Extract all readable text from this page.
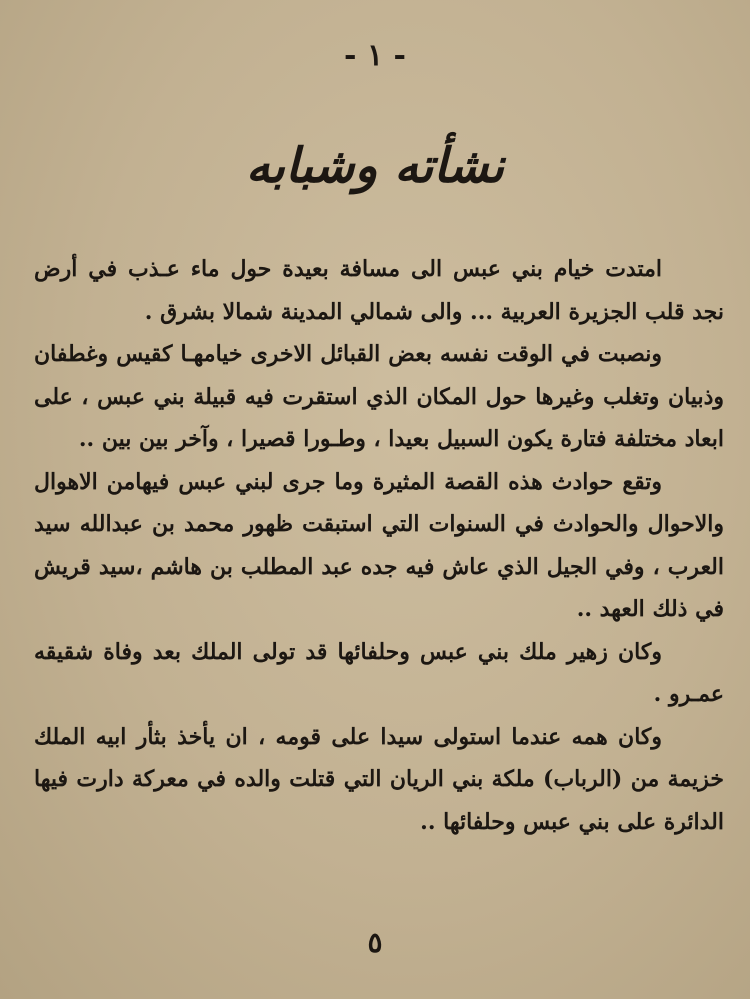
- ١ -
نشأته وشبابه

امتدت خيام بني عبس الى مسافة بعيدة حول ماء عـذب في أرض نجد قلب الجزيرة العربية ... والى شمالي المدينة شمالا بشرق .

ونصبت في الوقت نفسه بعض القبائل الاخرى خيامهـا كقيس وغطفان وذبيان وتغلب وغيرها حول المكان الذي استقرت فيه قبيلة بني عبس ، على ابعاد مختلفة فتارة يكون السبيل بعيدا ، وطـورا قصيرا ، وآخر بين بين ..

وتقع حوادث هذه القصة المثيرة وما جرى لبني عبس فيهامن الاهوال والاحوال والحوادث في السنوات التي استبقت ظهور محمد بن عبدالله سيد العرب ، وفي الجيل الذي عاش فيه جده عبد المطلب بن هاشم ،سيد قريش في ذلك العهد ..

وكان زهير ملك بني عبس وحلفائها قد تولى الملك بعد وفاة شقيقه عمـرو .

وكان همه عندما استولى سيدا على قومه ، ان يأخذ بثأر ابيه الملك خزيمة من (الرباب) ملكة بني الريان التي قتلت والده في معركة دارت فيها الدائرة على بني عبس وحلفائها ..

٥
